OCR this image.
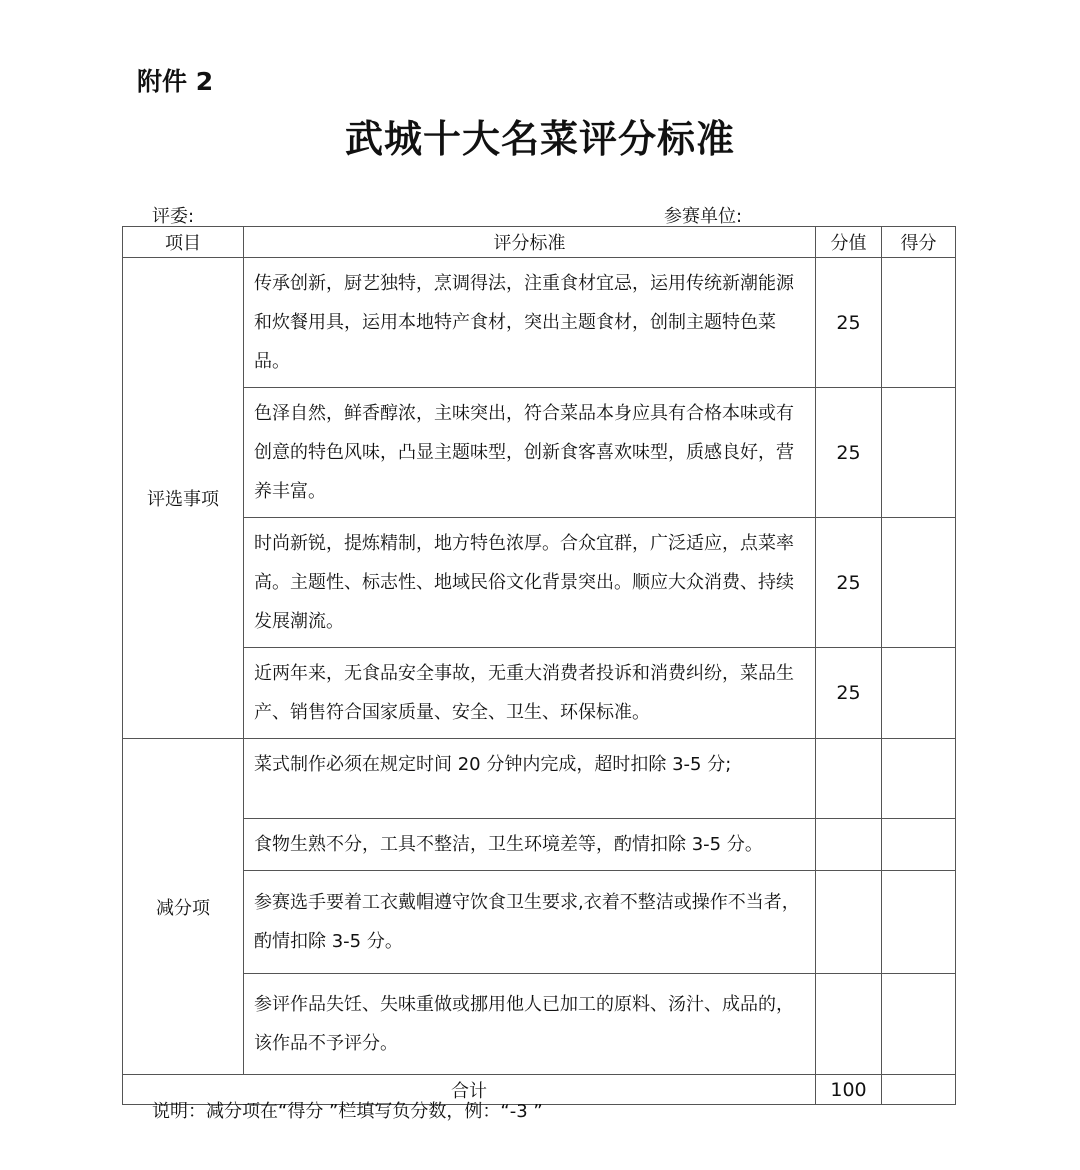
附件 2
武城十大名菜评分标准
评委:	参赛单位:
项目	评分标准	分值	得分
评选事项	传承创新，厨艺独特，烹调得法，注重食材宜忌，运用传统新潮能源和炊餐用具，运用本地特产食材，突出主题食材，创制主题特色菜品。	25	
	色泽自然，鲜香醇浓，主味突出，符合菜品本身应具有合格本味或有创意的特色风味，凸显主题味型，创新食客喜欢味型，质感良好，营养丰富。	25	
	时尚新锐，提炼精制，地方特色浓厚。合众宜群，广泛适应，点菜率高。主题性、标志性、地域民俗文化背景突出。顺应大众消费、持续发展潮流。	25	
	近两年来，无食品安全事故，无重大消费者投诉和消费纠纷，菜品生产、销售符合国家质量、安全、卫生、环保标准。	25	
减分项	菜式制作必须在规定时间 20 分钟内完成，超时扣除 3-5 分;		
	食物生熟不分，工具不整洁，卫生环境差等，酌情扣除 3-5 分。		
	参赛选手要着工衣戴帽遵守饮食卫生要求,衣着不整洁或操作不当者，酌情扣除 3-5 分。		
	参评作品失饪、失味重做或挪用他人已加工的原料、汤汁、成品的，该作品不予评分。		
合计		100	
说明：减分项在“得分 ”栏填写负分数，例：“-3 ”
